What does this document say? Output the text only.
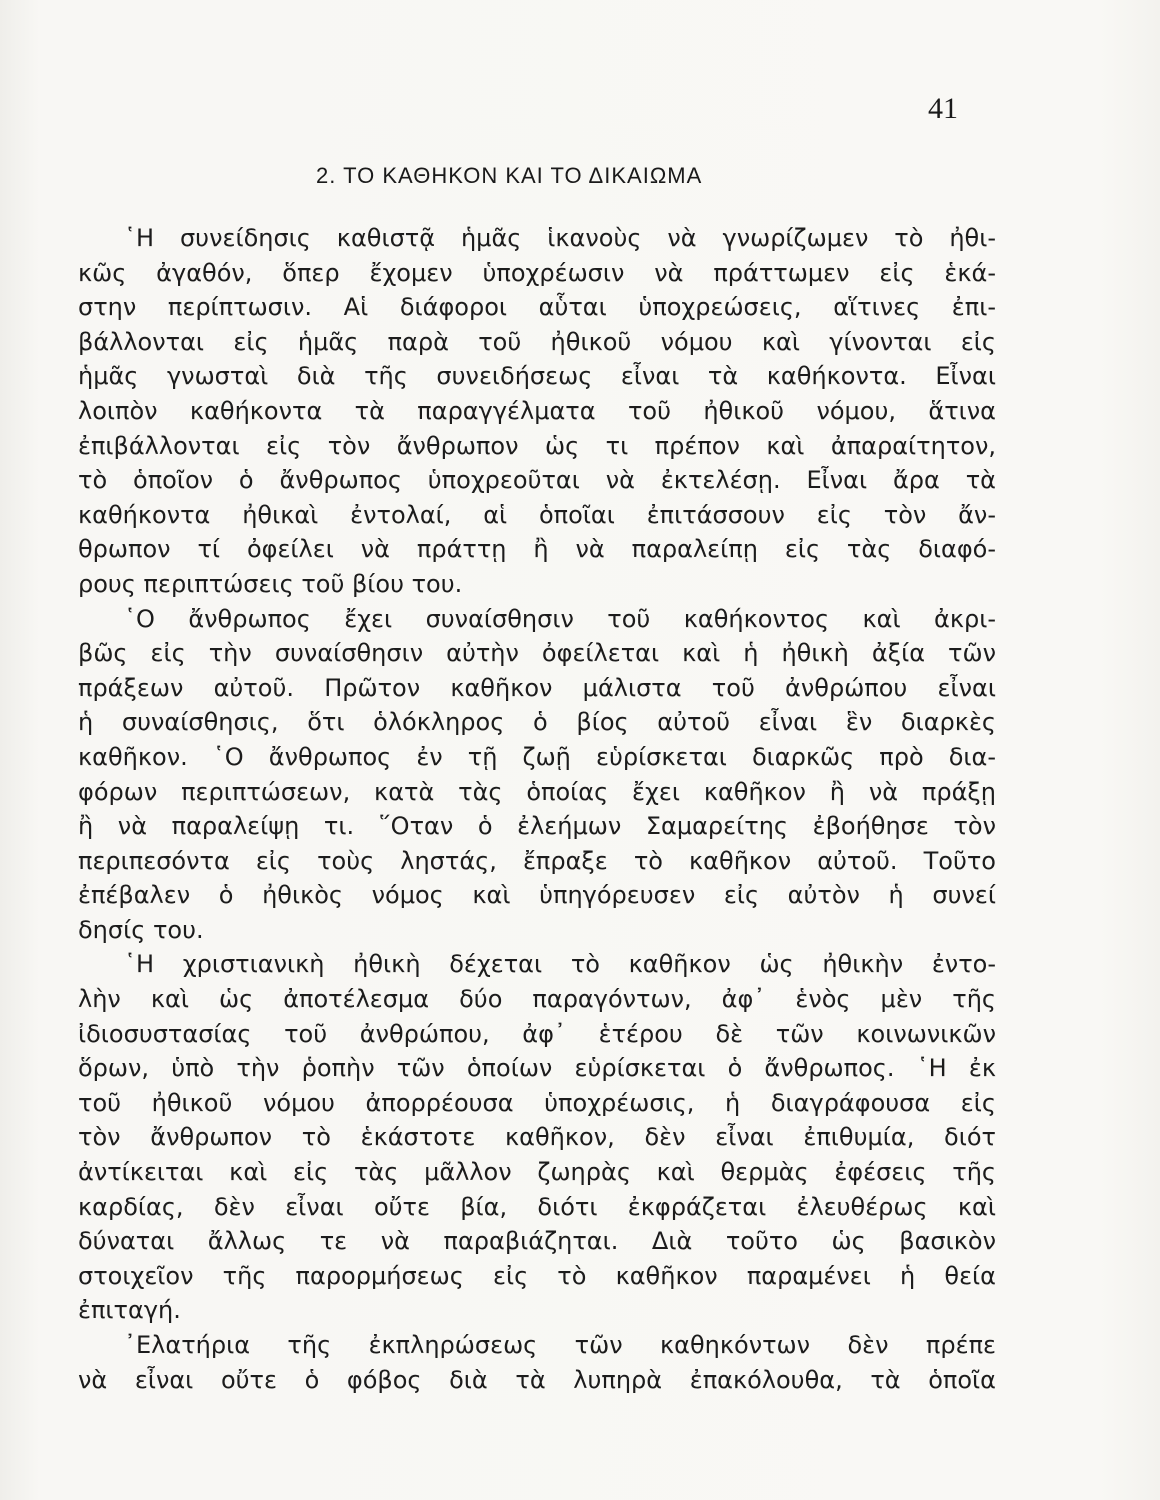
41
2. ΤΟ ΚΑΘΗΚΟΝ ΚΑΙ ΤΟ ΔΙΚΑΙΩΜΑ
῾Η συνείδησις καθιστᾷ ἡμᾶς ἱκανοὺς νὰ γνωρίζωμεν τὸ ἠθι-
κῶς ἀγαθόν, ὅπερ ἔχομεν ὑποχρέωσιν νὰ πράττωμεν εἰς ἑκά-
στην περίπτωσιν. Αἱ διάφοροι αὗται ὑποχρεώσεις, αἵτινες ἐπι-
βάλλονται εἰς ἡμᾶς παρὰ τοῦ ἠθικοῦ νόμου καὶ γίνονται εἰς
ἡμᾶς γνωσταὶ διὰ τῆς συνειδήσεως εἶναι τὰ καθήκοντα. Εἶναι
λοιπὸν καθήκοντα τὰ παραγγέλματα τοῦ ἠθικοῦ νόμου, ἅτινα
ἐπιβάλλονται εἰς τὸν ἄνθρωπον ὡς τι πρέπον καὶ ἀπαραίτητον,
τὸ ὁποῖον ὁ ἄνθρωπος ὑποχρεοῦται νὰ ἐκτελέσῃ. Εἶναι ἄρα τὰ
καθήκοντα ἠθικαὶ ἐντολαί, αἱ ὁποῖαι ἐπιτάσσουν εἰς τὸν ἄν-
θρωπον τί ὀφείλει νὰ πράττῃ ἢ νὰ παραλείπῃ εἰς τὰς διαφό-
ρους περιπτώσεις τοῦ βίου του.
῾Ο ἄνθρωπος ἔχει συναίσθησιν τοῦ καθήκοντος καὶ ἀκρι-
βῶς εἰς τὴν συναίσθησιν αὐτὴν ὀφείλεται καὶ ἡ ἠθικὴ ἀξία τῶν
πράξεων αὐτοῦ. Πρῶτον καθῆκον μάλιστα τοῦ ἀνθρώπου εἶναι
ἡ συναίσθησις, ὅτι ὁλόκληρος ὁ βίος αὐτοῦ εἶναι ἓν διαρκὲς
καθῆκον. ῾Ο ἄνθρωπος ἐν τῇ ζωῇ εὑρίσκεται διαρκῶς πρὸ δια-
φόρων περιπτώσεων, κατὰ τὰς ὁποίας ἔχει καθῆκον ἢ νὰ πράξῃ
ἢ νὰ παραλείψῃ τι. ῞Οταν ὁ ἐλεήμων Σαμαρείτης ἐβοήθησε τὸν
περιπεσόντα εἰς τοὺς ληστάς, ἔπραξε τὸ καθῆκον αὐτοῦ. Τοῦτο
ἐπέβαλεν ὁ ἠθικὸς νόμος καὶ ὑπηγόρευσεν εἰς αὐτὸν ἡ συνεί
δησίς του.
῾Η χριστιανικὴ ἠθικὴ δέχεται τὸ καθῆκον ὡς ἠθικὴν ἐντο-
λὴν καὶ ὡς ἀποτέλεσμα δύο παραγόντων, ἀφ᾽ ἑνὸς μὲν τῆς
ἰδιοσυστασίας τοῦ ἀνθρώπου, ἀφ᾽ ἑτέρου δὲ τῶν κοινωνικῶν
ὅρων, ὑπὸ τὴν ῥοπὴν τῶν ὁποίων εὑρίσκεται ὁ ἄνθρωπος. ῾Η ἐκ
τοῦ ἠθικοῦ νόμου ἀπορρέουσα ὑποχρέωσις, ἡ διαγράφουσα εἰς
τὸν ἄνθρωπον τὸ ἑκάστοτε καθῆκον, δὲν εἶναι ἐπιθυμία, διότ
ἀντίκειται καὶ εἰς τὰς μᾶλλον ζωηρὰς καὶ θερμὰς ἐφέσεις τῆς
καρδίας, δὲν εἶναι οὔτε βία, διότι ἐκφράζεται ἐλευθέρως καὶ
δύναται ἄλλως τε νὰ παραβιάζηται. Διὰ τοῦτο ὡς βασικὸν
στοιχεῖον τῆς παρορμήσεως εἰς τὸ καθῆκον παραμένει ἡ θεία
ἐπιταγή.
᾽Ελατήρια τῆς ἐκπληρώσεως τῶν καθηκόντων δὲν πρέπε
νὰ εἶναι οὔτε ὁ φόβος διὰ τὰ λυπηρὰ ἐπακόλουθα, τὰ ὁποῖα
